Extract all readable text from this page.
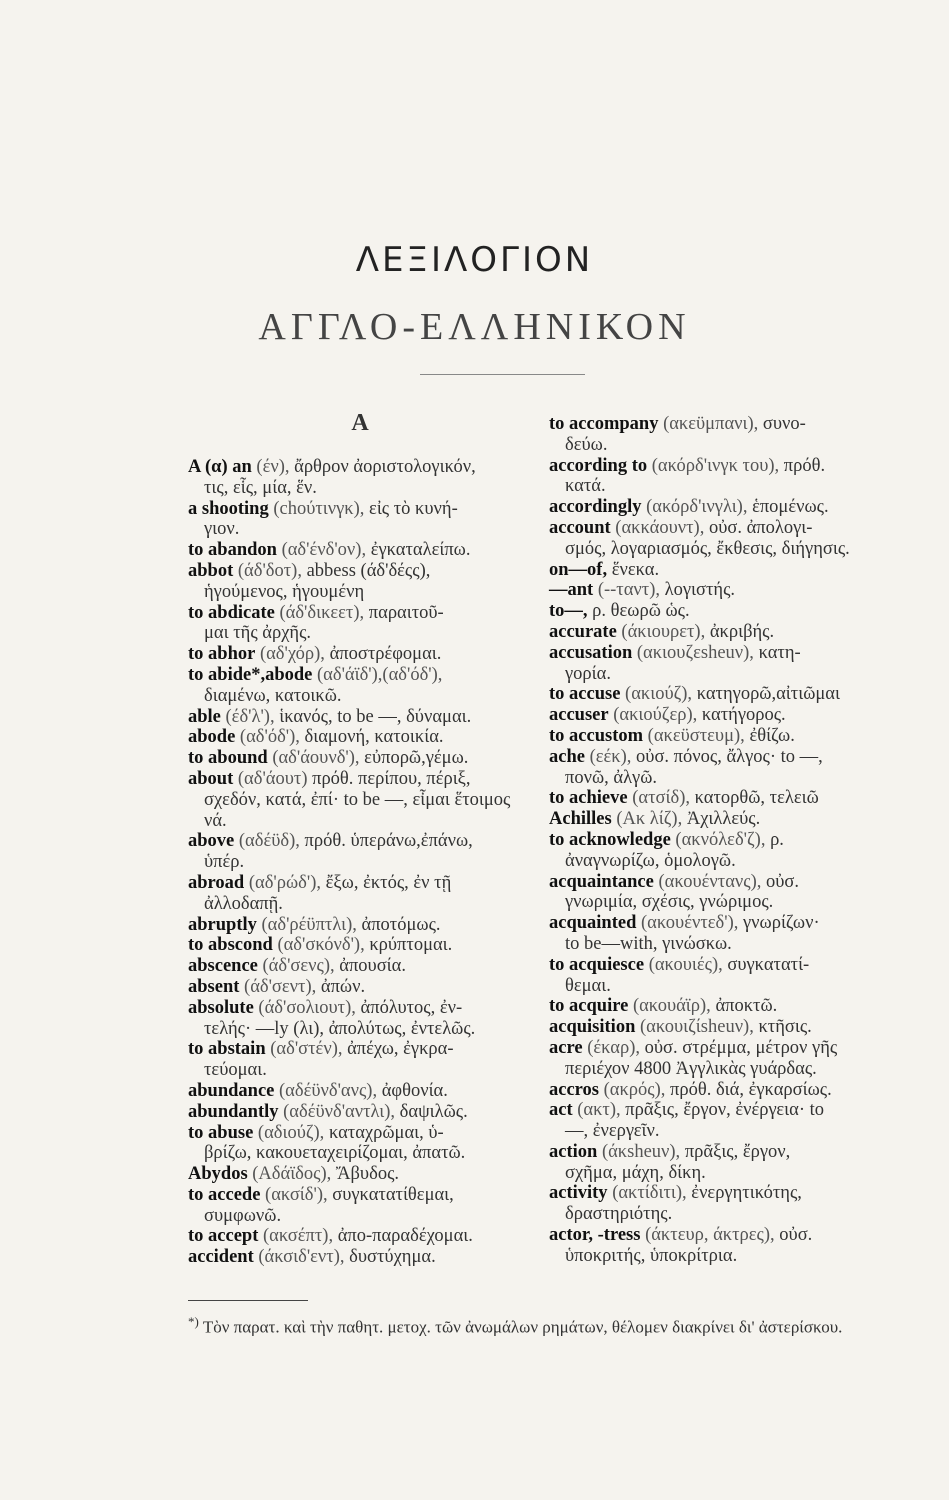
ΛΕΞΙΛΟΓΙΟΝ
ΑΓΓΛΟ-ΕΛΛΗΝΙΚΟΝ
A

A (α) an (έν), ἄρθρον ἀοριστολογικόν,
τις, εἷς, μία, ἕν.

a shooting (chούτινγκ), εἰς τὸ κυνή-
γιον.

to abandon (αδ'ένδ'ον), ἐγκαταλείπω.

abbot (άδ'δοτ), abbess (άδ'δέςς),
ἡγούμενος, ἡγουμένη

to abdicate (άδ'δικεετ), παραιτοῦ-
μαι τῆς ἀρχῆς.

to abhor (αδ'χόρ), ἀποστρέφομαι.

to abide*,abode (αδ'άϊδ'),(αδ'όδ'),
διαμένω, κατοικῶ.

able (έδ'λ'), ἱκανός, to be —, δύναμαι.

abode (αδ'όδ'), διαμονή, κατοικία.

to abound (αδ'άουνδ'), εὐπορῶ,γέμω.

about (αδ'άουτ) πρόθ. περίπου, πέριξ,
σχεδόν, κατά, ἐπί· to be —, εἶμαι ἕτοιμος νά.

above (αδέϋδ), πρόθ. ὑπεράνω,ἐπάνω,
ὑπέρ.

abroad (αδ'ρώδ'), ἔξω, ἐκτός, ἐν τῇ
ἀλλοδαπῇ.

abruptly (αδ'ρέϋπτλι), ἀποτόμως.

to abscond (αδ'σκόνδ'), κρύπτομαι.

abscence (άδ'σενς), ἀπουσία.

absent (άδ'σεντ), ἀπών.

absolute (άδ'σολιουτ), ἀπόλυτος, ἐν-
τελής· —ly (λι), ἀπολύτως, ἐντελῶς.

to abstain (αδ'στέν), ἀπέχω, ἐγκρα-
τεύομαι.

abundance (αδέϋνδ'ανς), ἀφθονία.

abundantly (αδέϋνδ'αντλι), δαψιλῶς.

to abuse (αδιούζ), καταχρῶμαι, ὑ-
βρίζω, κακουεταχειρίζομαι, ἀπατῶ.

Abydos (Αδάϊδος), Ἄβυδος.

to accede (ακσίδ'), συγκατατίθεμαι,
συμφωνῶ.

to accept (ακσέπτ), ἀπο-παραδέχομαι.

accident (άκσιδ'εντ), δυστύχημα.

to accompany (ακεϋμπανι), συνο-
δεύω.

according to (ακόρδ'ινγκ του), πρόθ.
κατά.

accordingly (ακόρδ'ινγλι), ἑπομένως.

account (ακκάουντ), οὐσ. ἀπολογι-
σμός, λογαριασμός, ἔκθεσις, διήγησις.

on—of, ἕνεκα.

—ant (--ταντ), λογιστής.

to—, ρ. θεωρῶ ὡς.

accurate (άκιουρετ), ἀκριβής.

accusation (ακιουζεsheuν), κατη-
γορία.

to accuse (ακιούζ), κατηγορῶ,αἰτιῶμαι

accuser (ακιούζερ), κατήγορος.

to accustom (ακεϋστευμ), ἐθίζω.

ache (εέκ), οὐσ. πόνος, ἄλγος· to —,
πονῶ, ἀλγῶ.

to achieve (ατσίδ), κατορθῶ, τελειῶ

Achilles (Ακ λίζ), Ἀχιλλεύς.

to acknowledge (ακνόλεδ'ζ), ρ.
ἀναγνωρίζω, ὁμολογῶ.

acquaintance (ακουέντανς), οὐσ.
γνωριμία, σχέσις, γνώριμος.

acquainted (ακουέντεδ'), γνωρίζων·
to be—with, γινώσκω.

to acquiesce (ακουιές), συγκατατί-
θεμαι.

to acquire (ακουάϊρ), ἀποκτῶ.

acquisition (ακουιζίsheuν), κτῆσις.

acre (έκαρ), οὐσ. στρέμμα, μέτρον γῆς
περιέχον 4800 Ἀγγλικὰς γυάρδας.

accros (ακρός), πρόθ. διά, ἐγκαρσίως.

act (ακτ), πρᾶξις, ἔργον, ἐνέργεια· to
—, ἐνεργεῖν.

action (άκsheuν), πρᾶξις, ἔργον,
σχῆμα, μάχη, δίκη.

activity (ακτίδιτι), ἐνεργητικότης,
δραστηριότης.

actor, -tress (άκτευρ, άκτρες), οὐσ.
ὑποκριτής, ὑποκρίτρια.

*) Τὸν παρατ. καὶ τὴν παθητ. μετοχ. τῶν ἀνωμάλων ρημάτων, θέλομεν διακρίνει δι' ἀστερίσκου.
